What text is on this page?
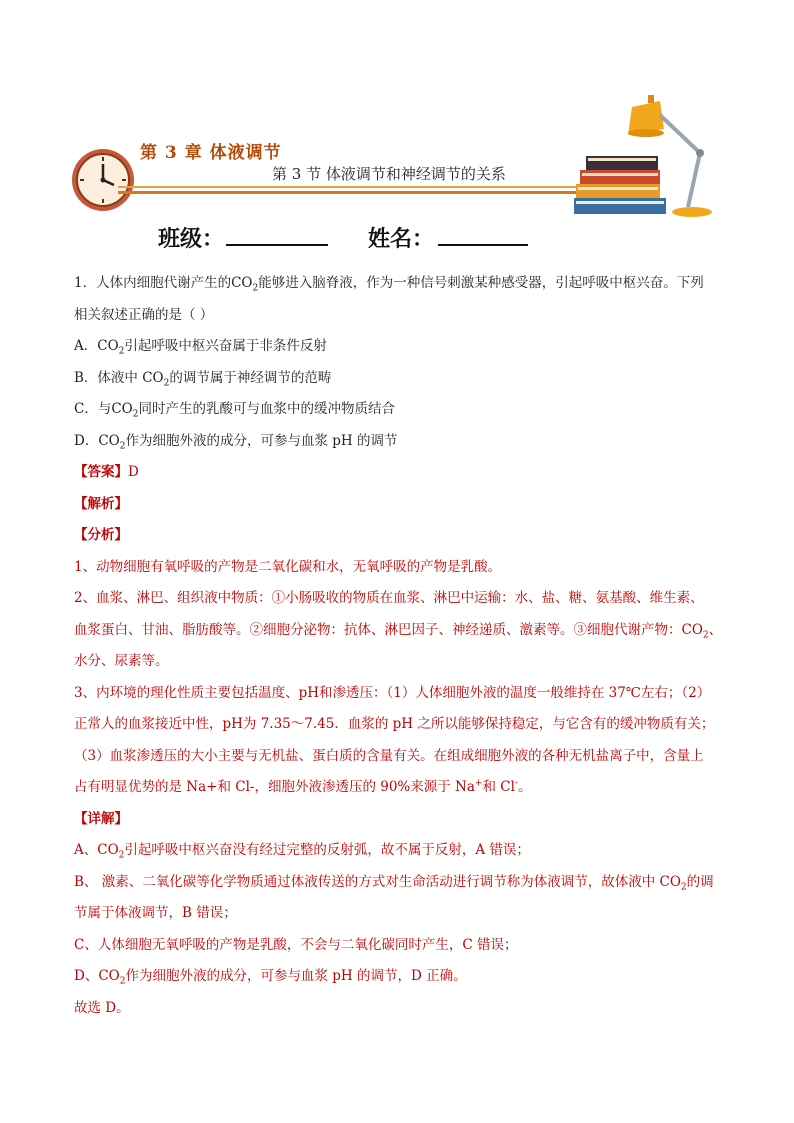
第 3 章 体液调节
第 3 节 体液调节和神经调节的关系
班级：	姓名：

1．人体内细胞代谢产生的$CO_2$能够进入脑脊液，作为一种信号刺激某种感受器，引起呼吸中枢兴奋。下列

相关叙述正确的是（ ）

A．$CO_2$引起呼吸中枢兴奋属于非条件反射

B．体液中 $CO_2$的调节属于神经调节的范畴

C．与$CO_2$同时产生的乳酸可与血浆中的缓冲物质结合

D．$CO_2$作为细胞外液的成分，可参与血浆 pH 的调节

【答案】D

【解析】

【分析】

1、动物细胞有氧呼吸的产物是二氧化碳和水，无氧呼吸的产物是乳酸。

2、血浆、淋巴、组织液中物质：①小肠吸收的物质在血浆、淋巴中运输：水、盐、糖、氨基酸、维生素、

血浆蛋白、甘油、脂肪酸等。②细胞分泌物：抗体、淋巴因子、神经递质、激素等。③细胞代谢产物：$CO_2$、

水分、尿素等。

3、内环境的理化性质主要包括温度、pH和渗透压：（1）人体细胞外液的温度一般维持在 37℃左右；（2）

正常人的血浆接近中性，pH为 7.35～7.45．血浆的 pH 之所以能够保持稳定，与它含有的缓冲物质有关；

（3）血浆渗透压的大小主要与无机盐、蛋白质的含量有关。在组成细胞外液的各种无机盐离子中，含量上

占有明显优势的是 Na+和 Cl-，细胞外液渗透压的 90%来源于 Na+和 Cl-。

【详解】

A、$CO_2$引起呼吸中枢兴奋没有经过完整的反射弧，故不属于反射，A 错误；

B、 激素、二氧化碳等化学物质通过体液传送的方式对生命活动进行调节称为体液调节，故体液中 $CO_2$的调

节属于体液调节，B 错误；

C、人体细胞无氧呼吸的产物是乳酸，不会与二氧化碳同时产生，C 错误；

D、$CO_2$作为细胞外液的成分，可参与血浆 pH 的调节，D 正确。

故选 D。
